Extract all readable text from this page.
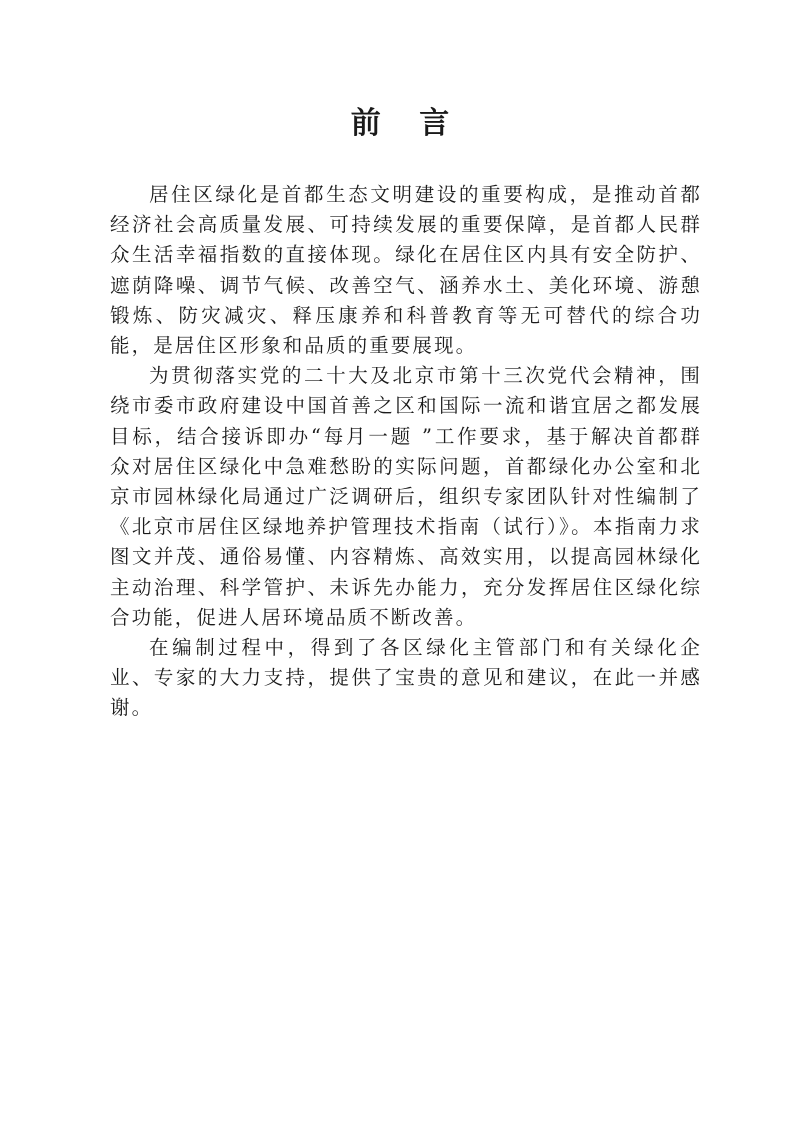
前 言

居住区绿化是首都生态文明建设的重要构成，是推动首都经济社会高质量发展、可持续发展的重要保障，是首都人民群众生活幸福指数的直接体现。绿化在居住区内具有安全防护、遮荫降噪、调节气候、改善空气、涵养水土、美化环境、游憩锻炼、防灾减灾、释压康养和科普教育等无可替代的综合功能，是居住区形象和品质的重要展现。

为贯彻落实党的二十大及北京市第十三次党代会精神，围绕市委市政府建设中国首善之区和国际一流和谐宜居之都发展目标，结合接诉即办“每月一题 ”工作要求，基于解决首都群众对居住区绿化中急难愁盼的实际问题，首都绿化办公室和北京市园林绿化局通过广泛调研后，组织专家团队针对性编制了《北京市居住区绿地养护管理技术指南（试行）》。本指南力求图文并茂、通俗易懂、内容精炼、高效实用，以提高园林绿化主动治理、科学管护、未诉先办能力，充分发挥居住区绿化综合功能，促进人居环境品质不断改善。

在编制过程中，得到了各区绿化主管部门和有关绿化企业、专家的大力支持，提供了宝贵的意见和建议，在此一并感谢。
